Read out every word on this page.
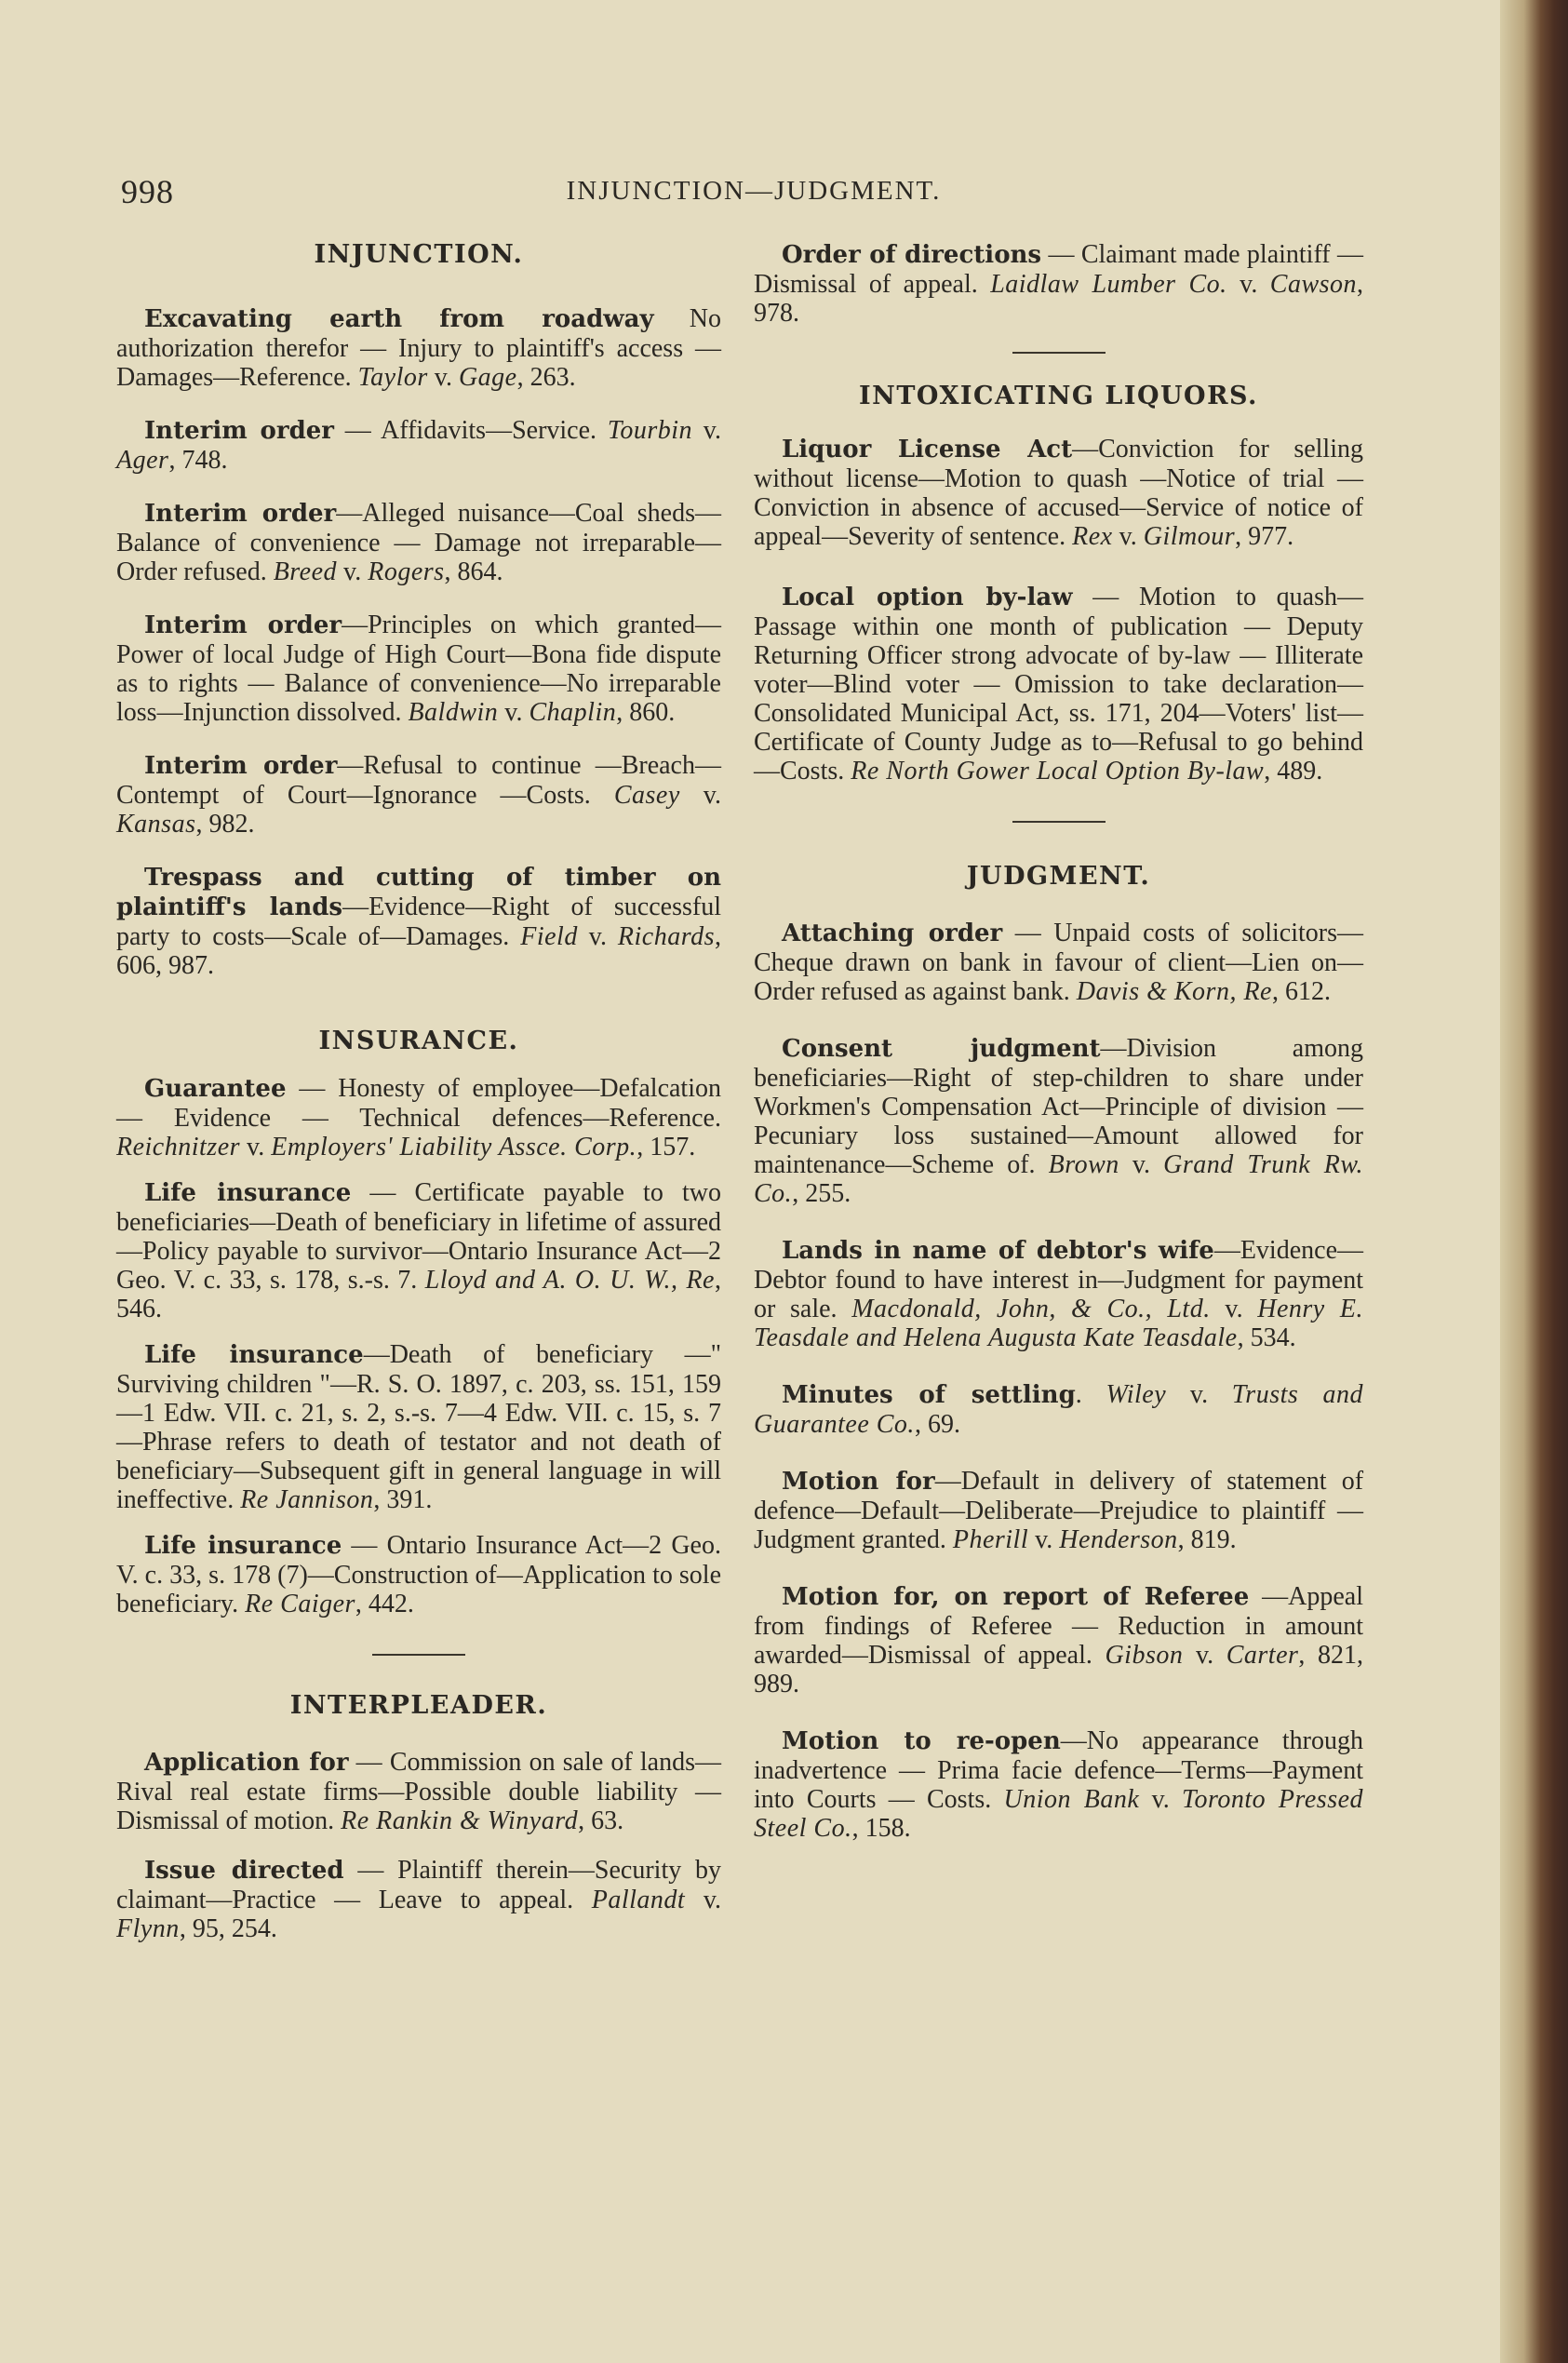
998	INJUNCTION—JUDGMENT.
INJUNCTION.

Excavating earth from roadway No authorization therefor — Injury to plaintiff's access — Damages—Reference. Taylor v. Gage, 263.

Interim order — Affidavits—Service. Tourbin v. Ager, 748.

Interim order—Alleged nuisance—Coal sheds—Balance of convenience — Damage not irreparable—Order refused. Breed v. Rogers, 864.

Interim order—Principles on which granted—Power of local Judge of High Court—Bona fide dispute as to rights — Balance of convenience—No irreparable loss—Injunction dissolved. Baldwin v. Chaplin, 860.

Interim order—Refusal to continue —Breach—Contempt of Court—Ignorance —Costs. Casey v. Kansas, 982.

Trespass and cutting of timber on plaintiff's lands—Evidence—Right of successful party to costs—Scale of—Damages. Field v. Richards, 606, 987.

INSURANCE.

Guarantee — Honesty of employee—Defalcation — Evidence — Technical defences—Reference. Reichnitzer v. Employers' Liability Assce. Corp., 157.

Life insurance — Certificate payable to two beneficiaries—Death of beneficiary in lifetime of assured—Policy payable to survivor—Ontario Insurance Act—2 Geo. V. c. 33, s. 178, s.-s. 7. Lloyd and A. O. U. W., Re, 546.

Life insurance—Death of beneficiary —" Surviving children "—R. S. O. 1897, c. 203, ss. 151, 159—1 Edw. VII. c. 21, s. 2, s.-s. 7—4 Edw. VII. c. 15, s. 7—Phrase refers to death of testator and not death of beneficiary—Subsequent gift in general language in will ineffective. Re Jannison, 391.

Life insurance — Ontario Insurance Act—2 Geo. V. c. 33, s. 178 (7)—Construction of—Application to sole beneficiary. Re Caiger, 442.

INTERPLEADER.

Application for — Commission on sale of lands—Rival real estate firms—Possible double liability — Dismissal of motion. Re Rankin & Winyard, 63.

Issue directed — Plaintiff therein—Security by claimant—Practice — Leave to appeal. Pallandt v. Flynn, 95, 254.

Order of directions — Claimant made plaintiff — Dismissal of appeal. Laidlaw Lumber Co. v. Cawson, 978.

INTOXICATING LIQUORS.

Liquor License Act—Conviction for selling without license—Motion to quash —Notice of trial — Conviction in absence of accused—Service of notice of appeal—Severity of sentence. Rex v. Gilmour, 977.

Local option by-law — Motion to quash—Passage within one month of publication — Deputy Returning Officer strong advocate of by-law — Illiterate voter—Blind voter — Omission to take declaration—Consolidated Municipal Act, ss. 171, 204—Voters' list—Certificate of County Judge as to—Refusal to go behind—Costs. Re North Gower Local Option By-law, 489.

JUDGMENT.

Attaching order — Unpaid costs of solicitors—Cheque drawn on bank in favour of client—Lien on—Order refused as against bank. Davis & Korn, Re, 612.

Consent judgment—Division among beneficiaries—Right of step-children to share under Workmen's Compensation Act—Principle of division — Pecuniary loss sustained—Amount allowed for maintenance—Scheme of. Brown v. Grand Trunk Rw. Co., 255.

Lands in name of debtor's wife—Evidence—Debtor found to have interest in—Judgment for payment or sale. Macdonald, John, & Co., Ltd. v. Henry E. Teasdale and Helena Augusta Kate Teasdale, 534.

Minutes of settling. Wiley v. Trusts and Guarantee Co., 69.

Motion for—Default in delivery of statement of defence—Default—Deliberate—Prejudice to plaintiff — Judgment granted. Pherill v. Henderson, 819.

Motion for, on report of Referee —Appeal from findings of Referee — Reduction in amount awarded—Dismissal of appeal. Gibson v. Carter, 821, 989.

Motion to re-open—No appearance through inadvertence — Prima facie defence—Terms—Payment into Courts — Costs. Union Bank v. Toronto Pressed Steel Co., 158.
